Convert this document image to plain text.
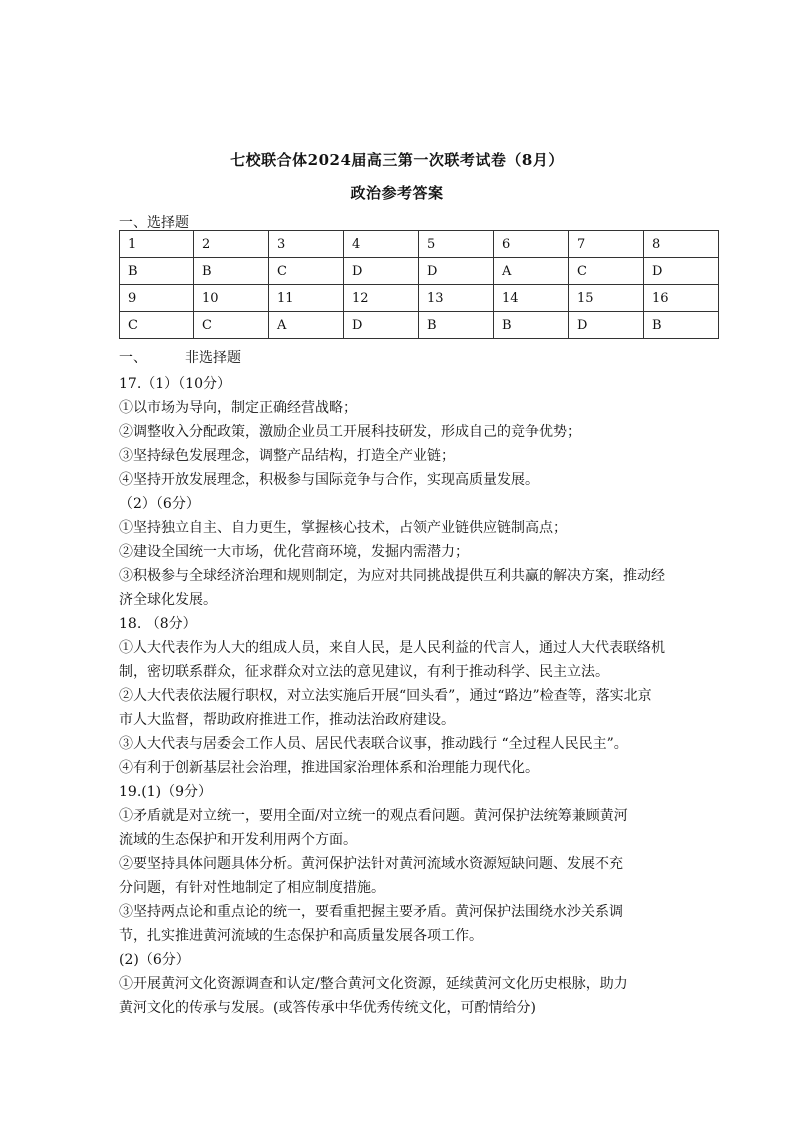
七校联合体2024届高三第一次联考试卷（8月）
政治参考答案
一、选择题
1	2	3	4	5	6	7	8
B	B	C	D	D	A	C	D
9	10	11	12	13	14	15	16
C	C	A	D	B	B	D	B
一、	非选择题

17.（1）（10分）

①以市场为导向，制定正确经营战略；

②调整收入分配政策，激励企业员工开展科技研发，形成自己的竞争优势；

③坚持绿色发展理念，调整产品结构，打造全产业链；

④坚持开放发展理念，积极参与国际竞争与合作，实现高质量发展。

（2）（6分）

①坚持独立自主、自力更生，掌握核心技术，占领产业链供应链制高点；

②建设全国统一大市场，优化营商环境，发掘内需潜力；

③积极参与全球经济治理和规则制定，为应对共同挑战提供互利共赢的解决方案，推动经

济全球化发展。

18. （8分）

①人大代表作为人大的组成人员，来自人民，是人民利益的代言人，通过人大代表联络机

制，密切联系群众，征求群众对立法的意见建议，有利于推动科学、民主立法。

②人大代表依法履行职权，对立法实施后开展“回头看”，通过“路边”检查等，落实北京

市人大监督，帮助政府推进工作，推动法治政府建设。

③人大代表与居委会工作人员、居民代表联合议事，推动践行 “全过程人民民主”。

④有利于创新基层社会治理，推进国家治理体系和治理能力现代化。

19.(1)（9分）

①矛盾就是对立统一，要用全面/对立统一的观点看问题。黄河保护法统筹兼顾黄河

流域的生态保护和开发利用两个方面。

②要坚持具体问题具体分析。黄河保护法针对黄河流域水资源短缺问题、发展不充

分问题，有针对性地制定了相应制度措施。

③坚持两点论和重点论的统一，要看重把握主要矛盾。黄河保护法围绕水沙关系调

节，扎实推进黄河流域的生态保护和高质量发展各项工作。

(2)（6分）

①开展黄河文化资源调查和认定/整合黄河文化资源，延续黄河文化历史根脉，助力

黄河文化的传承与发展。(或答传承中华优秀传统文化，可酌情给分)
